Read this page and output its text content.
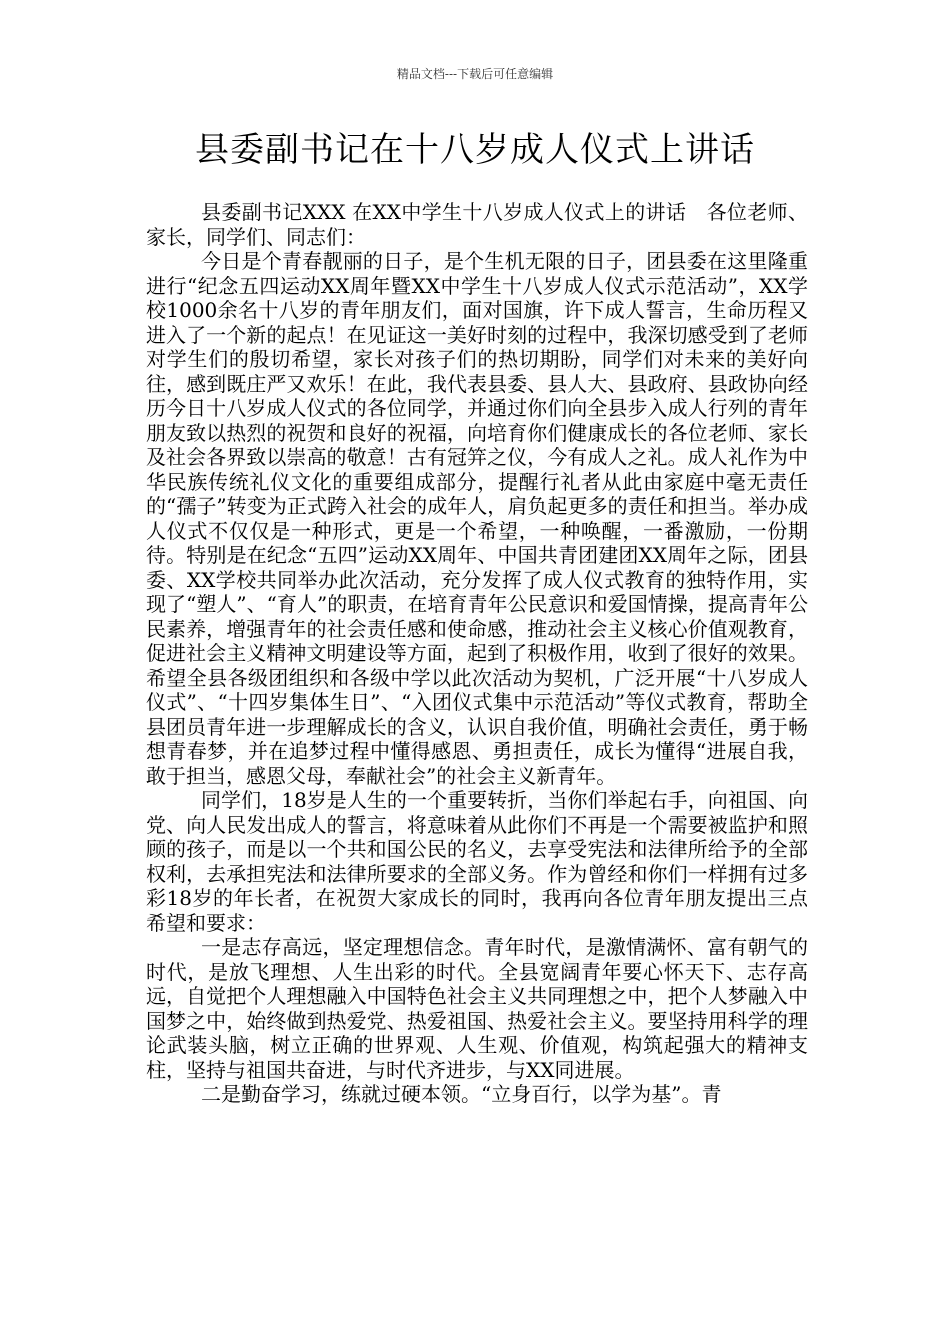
精品文档---下载后可任意编辑
县委副书记在十八岁成人仪式上讲话

县委副书记XXX 在XX中学生十八岁成人仪式上的讲话　各位老师、家长，同学们、同志们：

今日是个青春靓丽的日子，是个生机无限的日子，团县委在这里隆重进行“纪念五四运动XX周年暨XX中学生十八岁成人仪式示范活动”，XX学校1000余名十八岁的青年朋友们，面对国旗，许下成人誓言，生命历程又进入了一个新的起点！在见证这一美好时刻的过程中，我深切感受到了老师对学生们的殷切希望，家长对孩子们的热切期盼，同学们对未来的美好向往，感到既庄严又欢乐！在此，我代表县委、县人大、县政府、县政协向经历今日十八岁成人仪式的各位同学，并通过你们向全县步入成人行列的青年朋友致以热烈的祝贺和良好的祝福，向培育你们健康成长的各位老师、家长及社会各界致以崇高的敬意！古有冠笄之仪，今有成人之礼。成人礼作为中华民族传统礼仪文化的重要组成部分，提醒行礼者从此由家庭中毫无责任的“孺子”转变为正式跨入社会的成年人，肩负起更多的责任和担当。举办成人仪式不仅仅是一种形式，更是一个希望，一种唤醒，一番激励，一份期待。特别是在纪念“五四”运动XX周年、中国共青团建团XX周年之际，团县委、XX学校共同举办此次活动，充分发挥了成人仪式教育的独特作用，实现了“塑人”、“育人”的职责，在培育青年公民意识和爱国情操，提高青年公民素养，增强青年的社会责任感和使命感，推动社会主义核心价值观教育，促进社会主义精神文明建设等方面，起到了积极作用，收到了很好的效果。希望全县各级团组织和各级中学以此次活动为契机，广泛开展“十八岁成人仪式”、“十四岁集体生日”、“入团仪式集中示范活动”等仪式教育，帮助全县团员青年进一步理解成长的含义，认识自我价值，明确社会责任，勇于畅想青春梦，并在追梦过程中懂得感恩、勇担责任，成长为懂得“进展自我，敢于担当，感恩父母，奉献社会”的社会主义新青年。

同学们，18岁是人生的一个重要转折，当你们举起右手，向祖国、向党、向人民发出成人的誓言，将意味着从此你们不再是一个需要被监护和照顾的孩子，而是以一个共和国公民的名义，去享受宪法和法律所给予的全部权利，去承担宪法和法律所要求的全部义务。作为曾经和你们一样拥有过多彩18岁的年长者，在祝贺大家成长的同时，我再向各位青年朋友提出三点希望和要求：

一是志存高远，坚定理想信念。青年时代，是激情满怀、富有朝气的时代，是放飞理想、人生出彩的时代。全县宽阔青年要心怀天下、志存高远，自觉把个人理想融入中国特色社会主义共同理想之中，把个人梦融入中国梦之中，始终做到热爱党、热爱祖国、热爱社会主义。要坚持用科学的理论武装头脑，树立正确的世界观、人生观、价值观，构筑起强大的精神支柱，坚持与祖国共奋进，与时代齐进步，与XX同进展。

二是勤奋学习，练就过硬本领。“立身百行，以学为基”。青
